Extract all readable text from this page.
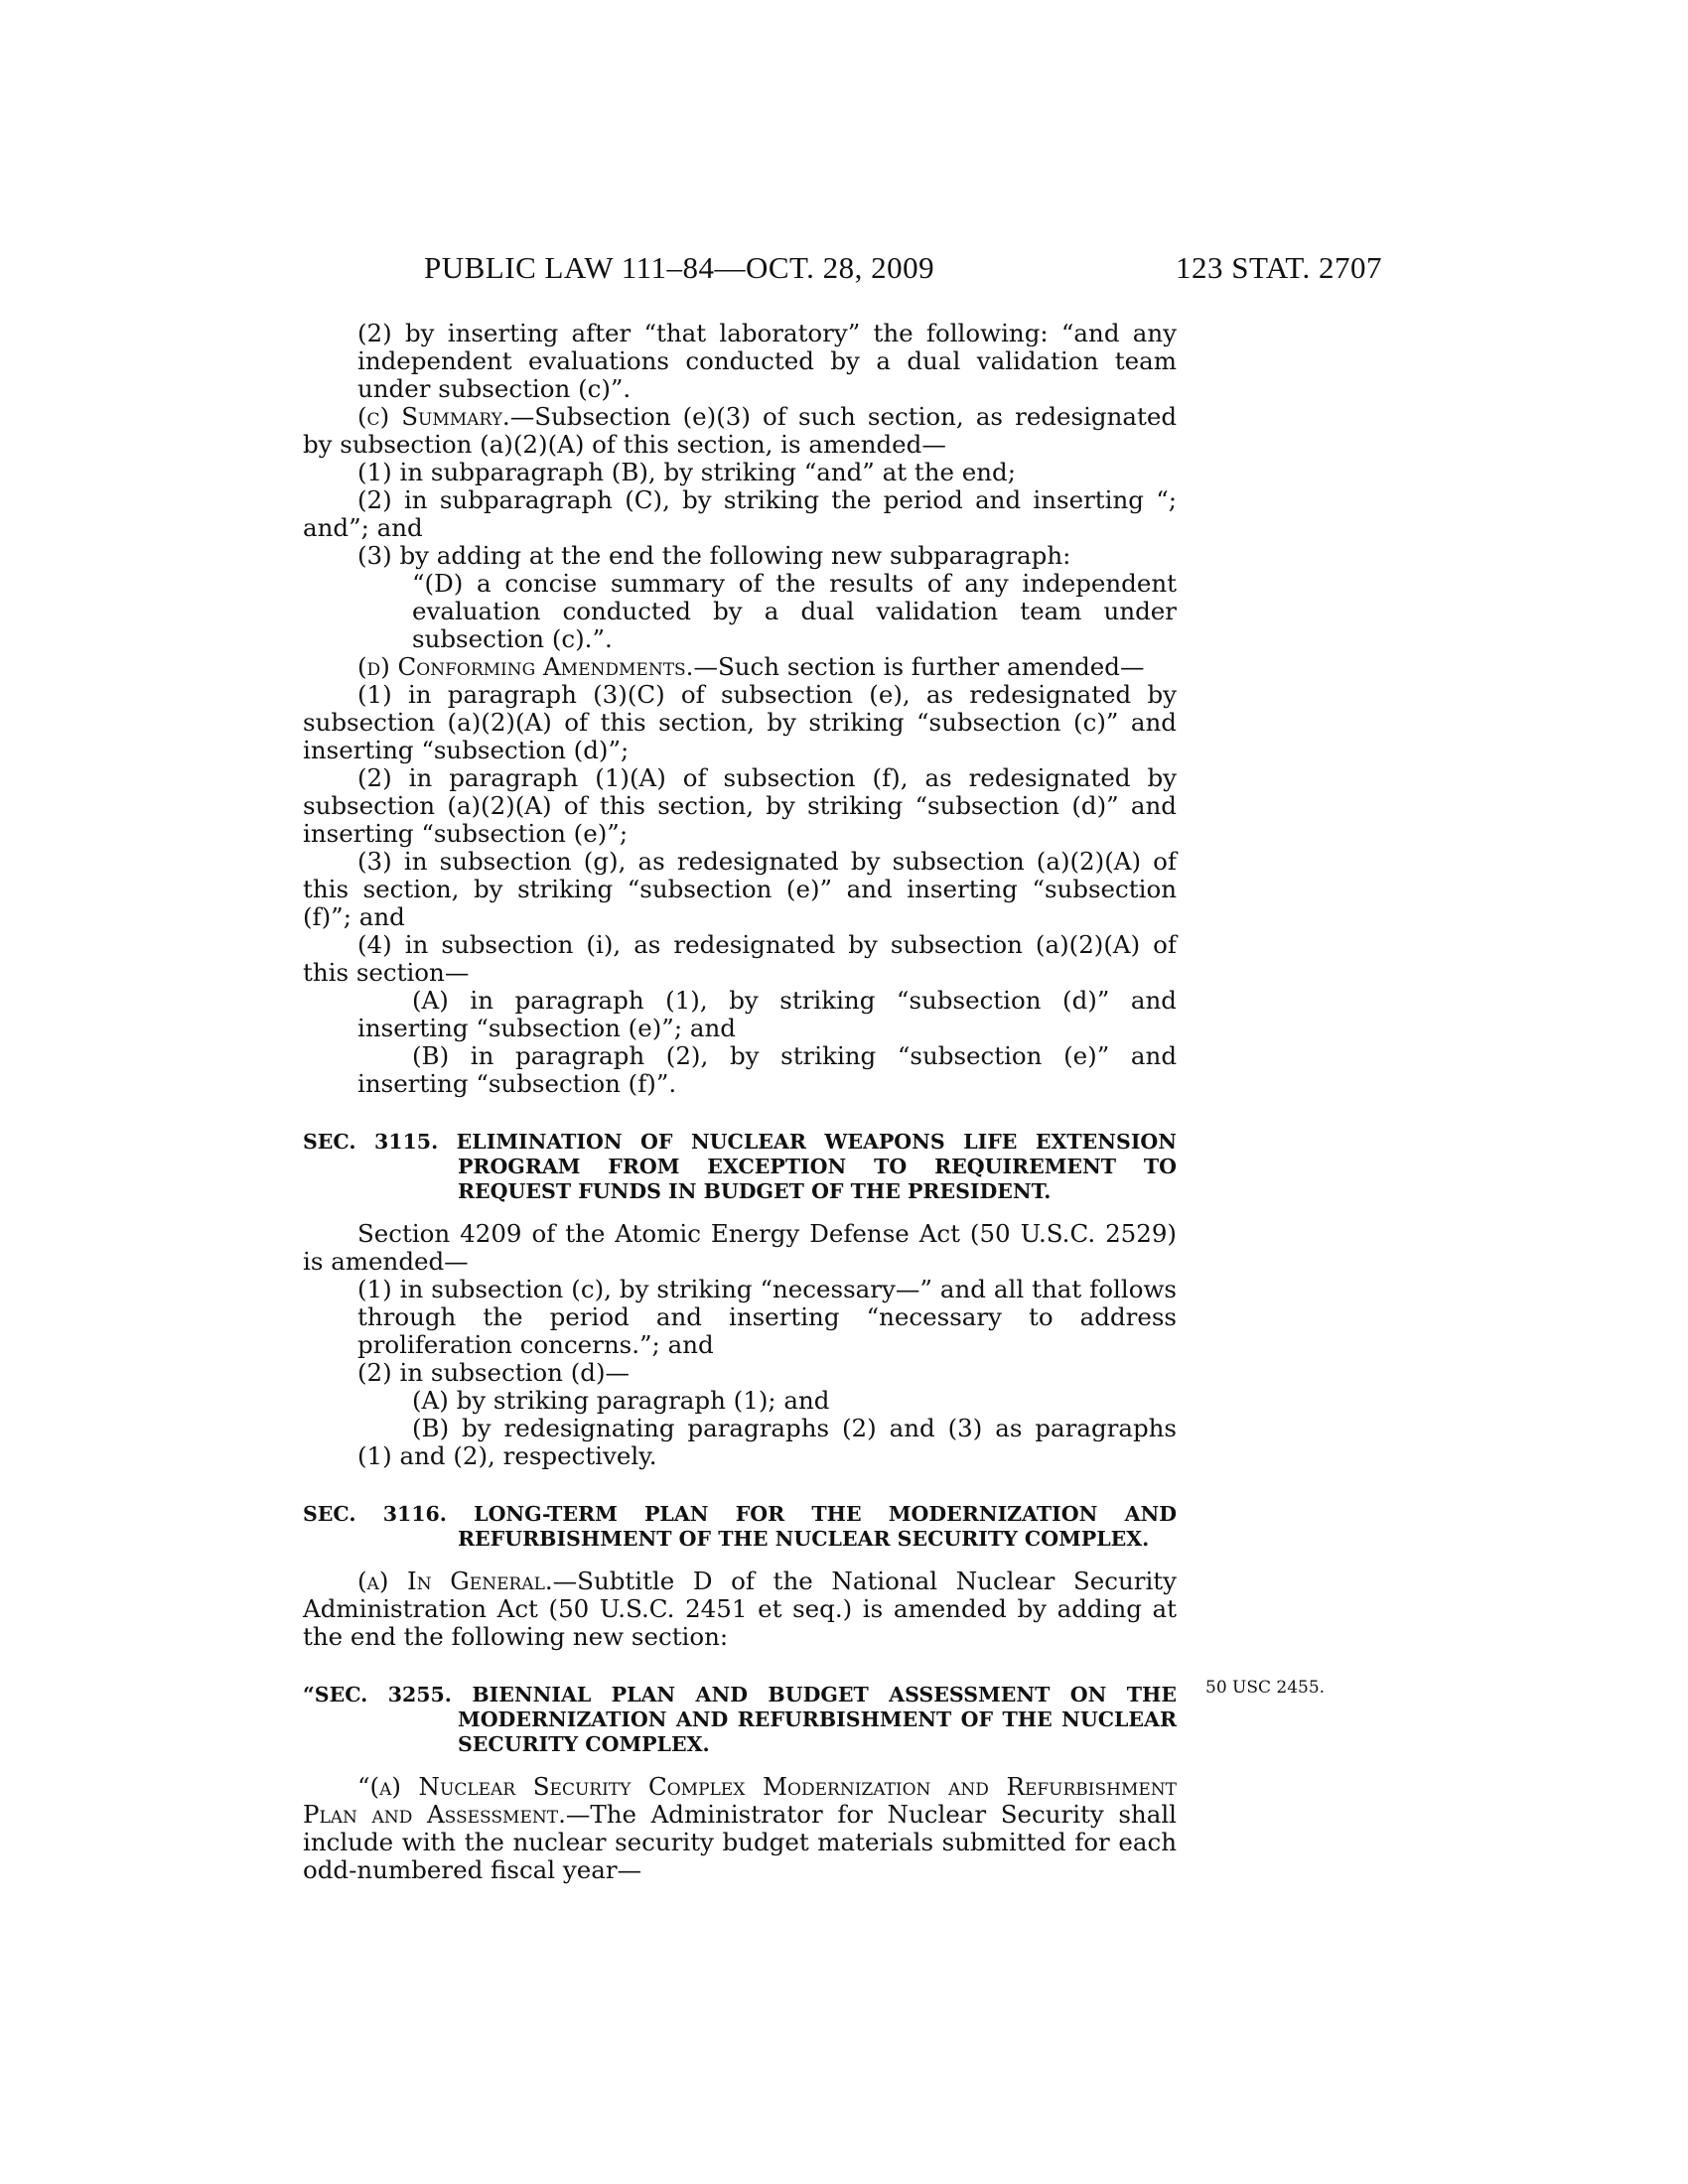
PUBLIC LAW 111–84—OCT. 28, 2009	123 STAT. 2707

(2) by inserting after “that laboratory” the following: “and any independent evaluations conducted by a dual validation team under subsection (c)”.

(c) Summary.—Subsection (e)(3) of such section, as redesignated by subsection (a)(2)(A) of this section, is amended—

(1) in subparagraph (B), by striking “and” at the end;

(2) in subparagraph (C), by striking the period and inserting “; and”; and

(3) by adding at the end the following new subparagraph:

“(D) a concise summary of the results of any independent evaluation conducted by a dual validation team under subsection (c).”.

(d) Conforming Amendments.—Such section is further amended—

(1) in paragraph (3)(C) of subsection (e), as redesignated by subsection (a)(2)(A) of this section, by striking “subsection (c)” and inserting “subsection (d)”;

(2) in paragraph (1)(A) of subsection (f), as redesignated by subsection (a)(2)(A) of this section, by striking “subsection (d)” and inserting “subsection (e)”;

(3) in subsection (g), as redesignated by subsection (a)(2)(A) of this section, by striking “subsection (e)” and inserting “subsection (f)”; and

(4) in subsection (i), as redesignated by subsection (a)(2)(A) of this section—

(A) in paragraph (1), by striking “subsection (d)” and inserting “subsection (e)”; and

(B) in paragraph (2), by striking “subsection (e)” and inserting “subsection (f)”.

SEC. 3115. ELIMINATION OF NUCLEAR WEAPONS LIFE EXTENSION PROGRAM FROM EXCEPTION TO REQUIREMENT TO REQUEST FUNDS IN BUDGET OF THE PRESIDENT.

Section 4209 of the Atomic Energy Defense Act (50 U.S.C. 2529) is amended—

(1) in subsection (c), by striking “necessary—” and all that follows through the period and inserting “necessary to address proliferation concerns.”; and

(2) in subsection (d)—

(A) by striking paragraph (1); and

(B) by redesignating paragraphs (2) and (3) as paragraphs (1) and (2), respectively.

SEC. 3116. LONG-TERM PLAN FOR THE MODERNIZATION AND REFURBISHMENT OF THE NUCLEAR SECURITY COMPLEX.

(a) In General.—Subtitle D of the National Nuclear Security Administration Act (50 U.S.C. 2451 et seq.) is amended by adding at the end the following new section:

“SEC. 3255. BIENNIAL PLAN AND BUDGET ASSESSMENT ON THE MODERNIZATION AND REFURBISHMENT OF THE NUCLEAR SECURITY COMPLEX.

“(a) Nuclear Security Complex Modernization and Refurbishment Plan and Assessment.—The Administrator for Nuclear Security shall include with the nuclear security budget materials submitted for each odd-numbered fiscal year—

50 USC 2455.
